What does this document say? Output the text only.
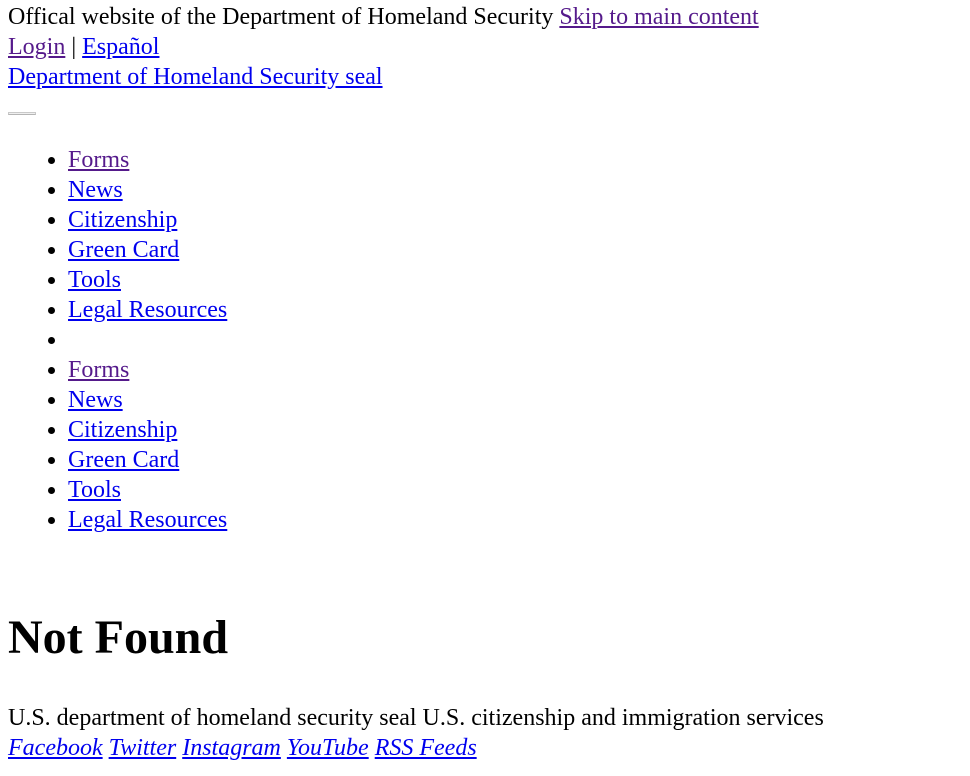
Offical website of the Department of Homeland Security Skip to main content
Login | Español
Department of Homeland Security seal
• Forms
• News
• Citizenship
• Green Card
• Tools
• Legal Resources
•
• Forms
• News
• Citizenship
• Green Card
• Tools
• Legal Resources
Not Found
U.S. department of homeland security seal U.S. citizenship and immigration services
Facebook Twitter Instagram YouTube RSS Feeds
